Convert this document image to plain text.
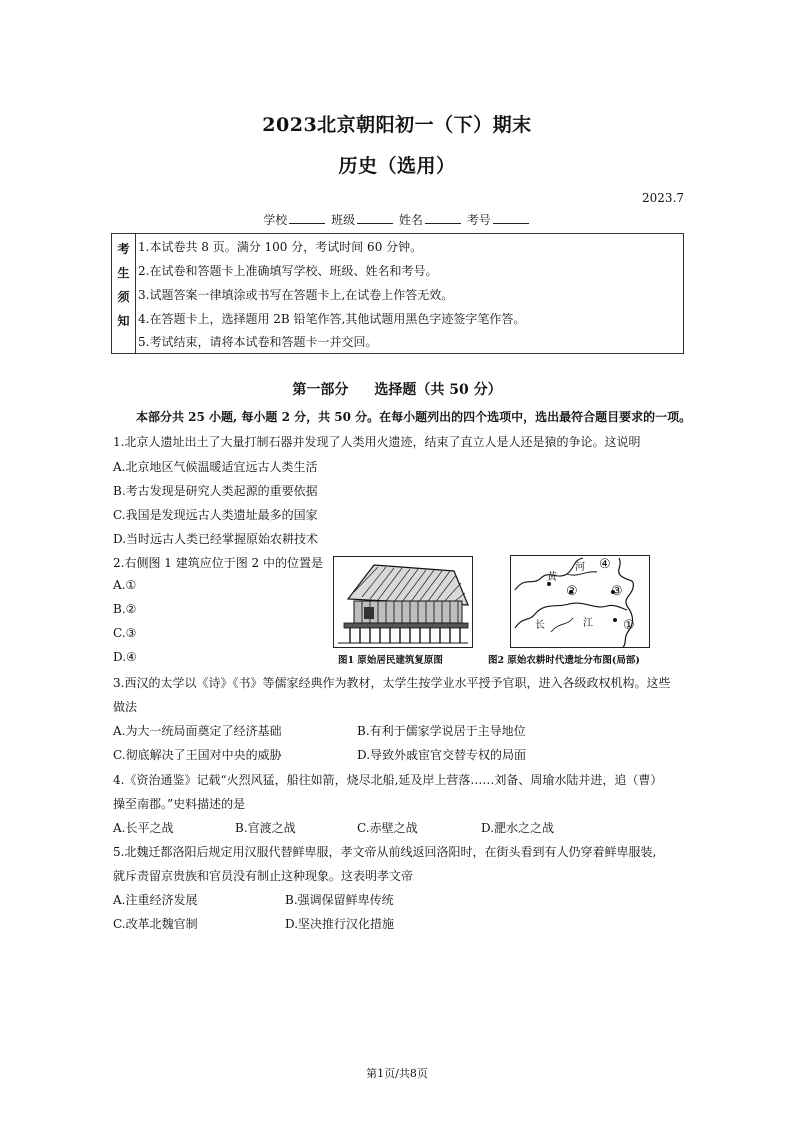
2023北京朝阳初一（下）期末
历史（选用）
2023.7
学校	班级	姓名	考号
考
生
须
知
1.本试卷共 8 页。满分 100 分，考试时间 60 分钟。
2.在试卷和答题卡上准确填写学校、班级、姓名和考号。
3.试题答案一律填涂或书写在答题卡上,在试卷上作答无效。
4.在答题卡上，选择题用 2B 铅笔作答,其他试题用黑色字迹签字笔作答。
5.考试结束，请将本试卷和答题卡一并交回。
第一部分 选择题（共 50 分）
本部分共 25 小题, 每小题 2 分，共 50 分。在每小题列出的四个选项中，选出最符合题目要求的一项。
1.北京人遗址出土了大量打制石器并发现了人类用火遗迹，结束了直立人是人还是猿的争论。这说明
A.北京地区气候温暖适宜远古人类生活
B.考古发现是研究人类起源的重要依据
C.我国是发现远古人类遗址最多的国家
D.当时远古人类已经掌握原始农耕技术
2.右侧图 1 建筑应位于图 2 中的位置是
A.①
B.②
C.③
D.④	图1 原始居民建筑复原图
河
黄
长	江
④
②	③
①
图2 原始农耕时代遗址分布图(局部)
3.西汉的太学以《诗》《书》等儒家经典作为教材，太学生按学业水平授予官职，进入各级政权机构。这些
做法
A.为大一统局面奠定了经济基础	B.有利于儒家学说居于主导地位
C.彻底解决了王国对中央的威胁	D.导致外戚宦官交替专权的局面
4.《资治通鉴》记载“火烈风猛，船往如箭，烧尽北船,延及岸上营落……刘备、周瑜水陆并进，追（曹）
操至南郡。”史料描述的是
A.长平之战	B.官渡之战	C.赤壁之战	D.淝水之之战
5.北魏迁都洛阳后规定用汉服代替鲜卑服，孝文帝从前线返回洛阳时，在街头看到有人仍穿着鲜卑服装,
就斥责留京贵族和官员没有制止这种现象。这表明孝文帝
A.注重经济发展	B.强调保留鲜卑传统
C.改革北魏官制	D.坚决推行汉化措施
第1页/共8页
